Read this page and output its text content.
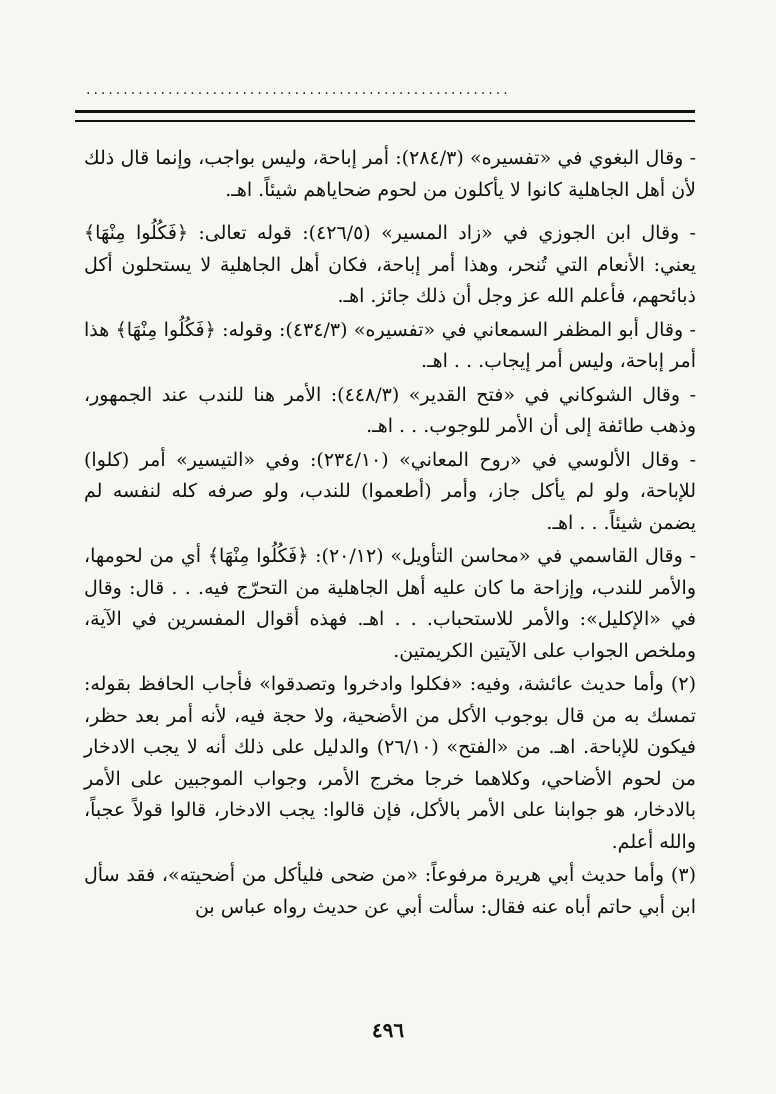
.........................................................

- وقال البغوي في «تفسيره» (٢٨٤/٣): أمر إباحة، وليس بواجب، وإنما قال ذلك لأن أهل الجاهلية كانوا لا يأكلون من لحوم ضحاياهم شيئاً. اهـ.

- وقال ابن الجوزي في «زاد المسير» (٤٢٦/٥): قوله تعالى: ﴿فَكُلُوا مِنْهَا﴾ يعني: الأنعام التي تُنحر، وهذا أمر إباحة، فكان أهل الجاهلية لا يستحلون أكل ذبائحهم، فأعلم الله عز وجل أن ذلك جائز. اهـ.

- وقال أبو المظفر السمعاني في «تفسيره» (٤٣٤/٣): وقوله: ﴿فَكُلُوا مِنْهَا﴾ هذا أمر إباحة، وليس أمر إيجاب. . . اهـ.

- وقال الشوكاني في «فتح القدير» (٤٤٨/٣): الأمر هنا للندب عند الجمهور، وذهب طائفة إلى أن الأمر للوجوب. . . اهـ.

- وقال الألوسي في «روح المعاني» (٢٣٤/١٠): وفي «التيسير» أمر (كلوا) للإباحة، ولو لم يأكل جاز، وأمر (أطعموا) للندب، ولو صرفه كله لنفسه لم يضمن شيئاً. . . اهـ.

- وقال القاسمي في «محاسن التأويل» (٢٠/١٢): ﴿فَكُلُوا مِنْهَا﴾ أي من لحومها، والأمر للندب، وإزاحة ما كان عليه أهل الجاهلية من التحرّج فيه. . . قال: وقال في «الإكليل»: والأمر للاستحباب. . . اهـ. فهذه أقوال المفسرين في الآية، وملخص الجواب على الآيتين الكريمتين.

(٢) وأما حديث عائشة، وفيه: «فكلوا وادخروا وتصدقوا» فأجاب الحافظ بقوله: تمسك به من قال بوجوب الأكل من الأضحية، ولا حجة فيه، لأنه أمر بعد حظر، فيكون للإباحة. اهـ. من «الفتح» (٢٦/١٠) والدليل على ذلك أنه لا يجب الادخار من لحوم الأضاحي، وكلاهما خرجا مخرج الأمر، وجواب الموجبين على الأمر بالادخار، هو جوابنا على الأمر بالأكل، فإن قالوا: يجب الادخار، قالوا قولاً عجباً، والله أعلم.

(٣) وأما حديث أبي هريرة مرفوعاً: «من ضحى فليأكل من أضحيته»، فقد سأل ابن أبي حاتم أباه عنه فقال: سألت أبي عن حديث رواه عباس بن

٤٩٦
